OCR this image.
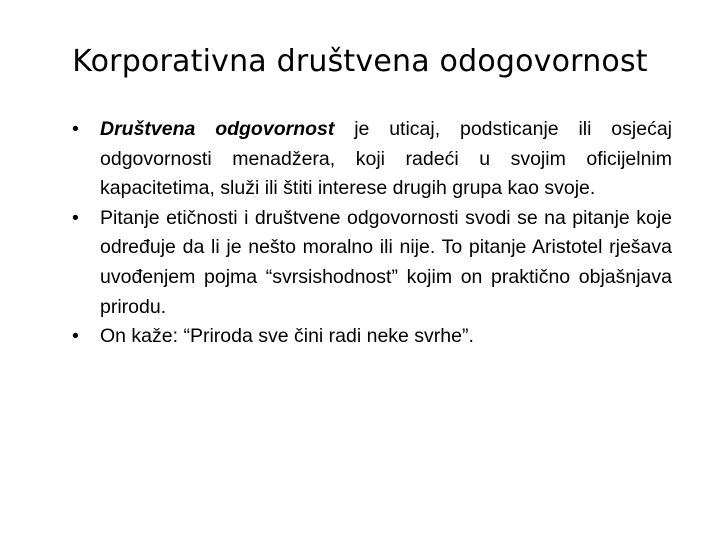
Korporativna društvena odogovornost
•	Društvena odgovornost je uticaj, podsticanje ili osjećaj odgovornosti menadžera, koji radeći u svojim oficijelnim kapacitetima, služi ili štiti interese drugih grupa kao svoje.
•	Pitanje etičnosti i društvene odgovornosti svodi se na pitanje koje određuje da li je nešto moralno ili nije. To pitanje Aristotel rješava uvođenjem pojma “svrsishodnost” kojim on praktično objašnjava prirodu.
•	On kaže: “Priroda sve čini radi neke svrhe”.
